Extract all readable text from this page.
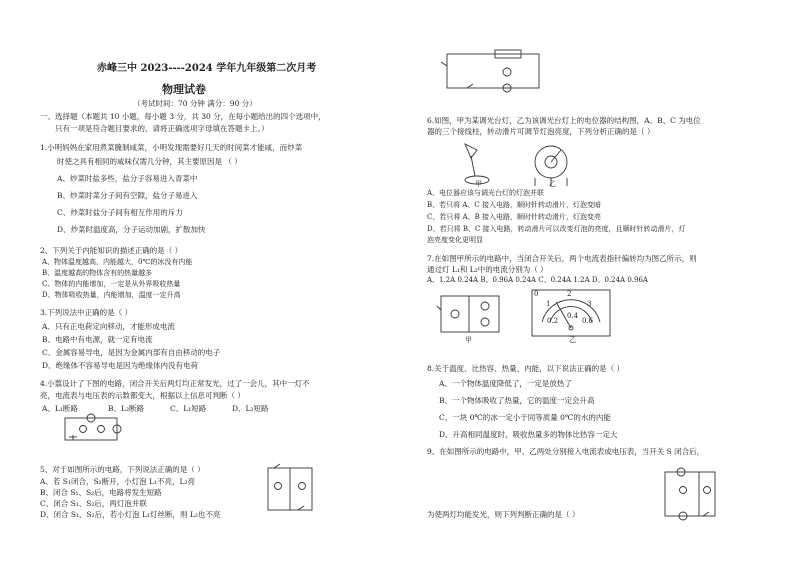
赤峰三中 2023----2024 学年九年级第二次月考
物理试卷
（考试时间：70 分钟 满分：90 分）
一、选择题（本题共 10 小题，每小题 3 分，共 30 分，在每小题给出的四个选项中，
只有一项是符合题目要求的，请将正确选项字母填在答题卡上。）
1.小明妈妈在家用煮菜腌制咸菜，小明发现需要好几天的时间菜才能咸，而炒菜
时使之具有相同的咸味仅需几分钟，其主要原因是 （ ）
A、炒菜时盐多些，盐分子容易进入青菜中
B、炒菜时菜分子间有空隙，盐分子易进入
C、炒菜时盐分子间有相互作用的斥力
D、炒菜时温度高，分子运动加剧，扩散加快
2、下列关于内能知识的描述正确的是（ ）
A、物体温度越高，内能越大，0℃的冰没有内能
B、温度越高的物体含有的热量越多
C、物体的内能增加，一定是从外界吸收热量
D、物体吸收热量，内能增加，温度一定升高
3.下列说法中正确的是（ ）
A、只有正电荷定向移动，才能形成电流
B、电路中有电源，就一定有电流
C、金属容易导电，是因为金属内部有自由移动的电子
D、绝缘体不容易导电是因为绝缘体内没有电荷
4.小翦设计了下图的电路，闭合开关后两灯均正常发光，过了一会儿，其中一灯不
亮，电流表与电压表的示数都变大，根据以上信息可判断（ ）
A、L₁断路	B、L₂断路	C、L₁短路	D、L₂短路
5、对于如图所示的电路，下列说法正确的是（ ）
A、若 S₁闭合，S₂断开，小灯泡 L₁不亮，L₂亮
B、闭合 S₁、S₂后，电路将发生短路
C、闭合 S₁、S₂后，两灯泡并联
D、闭合 S₁、S₂后，若小灯泡 L₁灯丝断，则 L₂也不亮
6.如图，甲为某调光台灯，乙为该调光台灯上的电位器的结构图，A、B、C 为电位
器的三个接线柱，转动滑片可调节灯泡亮度，下列分析正确的是（ ）
甲	乙
A、电位器应该与调光台灯的灯泡并联
B、若只将 A、C 接入电路，顺时针转动滑片，灯泡变暗
C、若只将 A、B 接入电路，顺时针转动滑片，灯泡变亮
D、若只将 B、C 接入电路，转动滑片可以改变灯泡的亮度，且顺时针转动滑片，灯
泡亮度变化更明显
7.在如图甲所示的电路中，当闭合开关后，两个电流表指针偏转均为图乙所示，则
通过灯 L₁和 L₂中的电流分别为（ ）
A、1.2A 0.24A B、0.96A 0.24A C、0.24A 1.2A D、0.24A 0.96A
甲
0
1
2
3
0.2
0.4
0.6
乙
8.关于温度、比热容、热量、内能，以下说法正确的是（ ）
A、一个物体温度降低了，一定是放热了
B、一个物体吸收了热量，它的温度一定会升高
C、一块 0℃的冰一定小于同等质量 0℃的水的内能
D、升高相同温度时，吸收热量多的物体比热容一定大
9、在如图所示的电路中，甲、乙两处分别接入电流表或电压表，当开关 S 闭合后，
为使两灯均能发光，则下列判断正确的是（ ）
